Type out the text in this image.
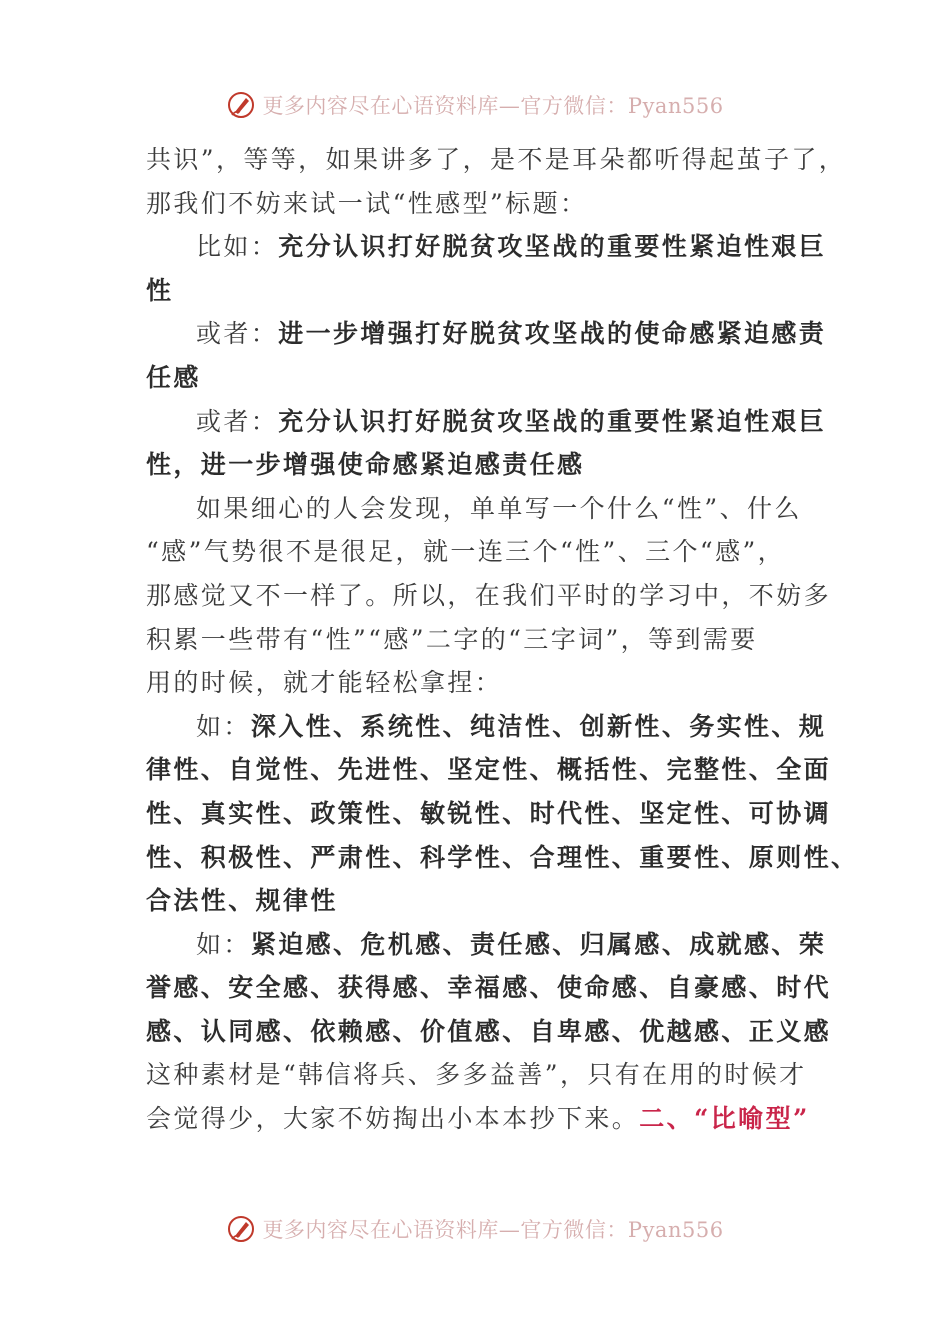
更多内容尽在心语资料库—官方微信：Pyan556
共识”，等等，如果讲多了，是不是耳朵都听得起茧子了，
那我们不妨来试一试“性感型”标题：
比如：充分认识打好脱贫攻坚战的重要性紧迫性艰巨
性
或者：进一步增强打好脱贫攻坚战的使命感紧迫感责
任感
或者：充分认识打好脱贫攻坚战的重要性紧迫性艰巨
性，进一步增强使命感紧迫感责任感
如果细心的人会发现，单单写一个什么“性”、什么
“感”气势很不是很足，就一连三个“性”、三个“感”，
那感觉又不一样了。所以，在我们平时的学习中，不妨多
积累一些带有“性”“感”二字的“三字词”，等到需要
用的时候，就才能轻松拿捏：
如：深入性、系统性、纯洁性、创新性、务实性、规
律性、自觉性、先进性、坚定性、概括性、完整性、全面
性、真实性、政策性、敏锐性、时代性、坚定性、可协调
性、积极性、严肃性、科学性、合理性、重要性、原则性、
合法性、规律性
如：紧迫感、危机感、责任感、归属感、成就感、荣
誉感、安全感、获得感、幸福感、使命感、自豪感、时代
感、认同感、依赖感、价值感、自卑感、优越感、正义感
这种素材是“韩信将兵、多多益善”，只有在用的时候才
会觉得少，大家不妨掏出小本本抄下来。二、“比喻型”
更多内容尽在心语资料库—官方微信：Pyan556
